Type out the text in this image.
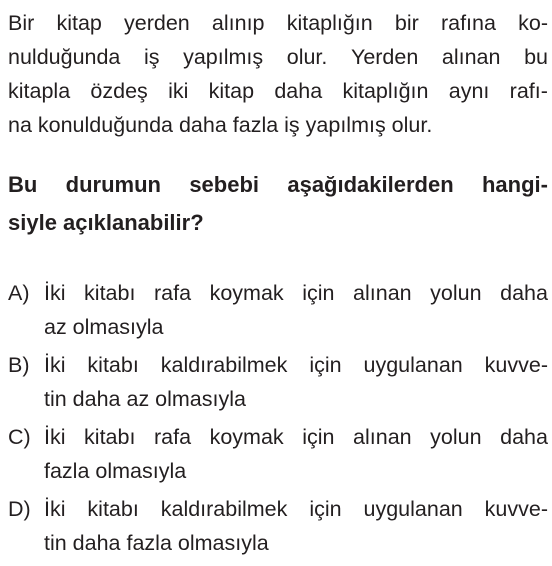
Bir kitap yerden alınıp kitaplığın bir rafına ko-
nulduğunda iş yapılmış olur. Yerden alınan bu
kitapla özdeş iki kitap daha kitaplığın aynı rafı-
na konulduğunda daha fazla iş yapılmış olur.
Bu durumun sebebi aşağıdakilerden hangi-
siyle açıklanabilir?
A) İki kitabı rafa koymak için alınan yolun daha
az olmasıyla
B) İki kitabı kaldırabilmek için uygulanan kuvve-
tin daha az olmasıyla
C) İki kitabı rafa koymak için alınan yolun daha
fazla olmasıyla
D) İki kitabı kaldırabilmek için uygulanan kuvve-
tin daha fazla olmasıyla
